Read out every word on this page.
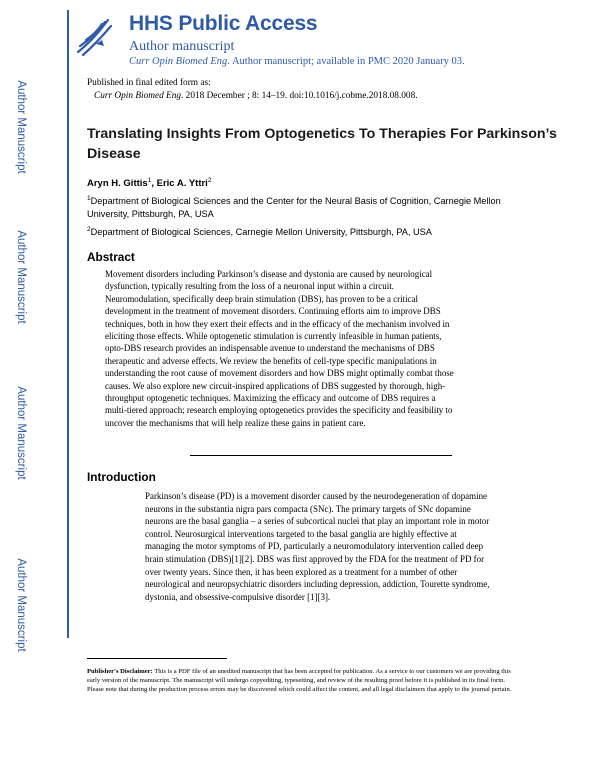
Author Manuscript
Author Manuscript
Author Manuscript
Author Manuscript
HHS Public Access
Author manuscript
Curr Opin Biomed Eng. Author manuscript; available in PMC 2020 January 03.
Published in final edited form as:
Curr Opin Biomed Eng. 2018 December ; 8: 14–19. doi:10.1016/j.cobme.2018.08.008.
Translating Insights From Optogenetics To Therapies For Parkinson’s Disease
Aryn H. Gittis$^1$, Eric A. Yttri$^2$
$^1$Department of Biological Sciences and the Center for the Neural Basis of Cognition, Carnegie Mellon University, Pittsburgh, PA, USA
$^2$Department of Biological Sciences, Carnegie Mellon University, Pittsburgh, PA, USA
Abstract
Movement disorders including Parkinson’s disease and dystonia are caused by neurological dysfunction, typically resulting from the loss of a neuronal input within a circuit. Neuromodulation, specifically deep brain stimulation (DBS), has proven to be a critical development in the treatment of movement disorders. Continuing efforts aim to improve DBS techniques, both in how they exert their effects and in the efficacy of the mechanism involved in eliciting those effects. While optogenetic stimulation is currently infeasible in human patients, opto-DBS research provides an indispensable avenue to understand the mechanisms of DBS therapeutic and adverse effects. We review the benefits of cell-type specific manipulations in understanding the root cause of movement disorders and how DBS might optimally combat those causes. We also explore new circuit-inspired applications of DBS suggested by thorough, high-throughput optogenetic techniques. Maximizing the efficacy and outcome of DBS requires a multi-tiered approach; research employing optogenetics provides the specificity and feasibility to uncover the mechanisms that will help realize these gains in patient care.
Introduction
Parkinson’s disease (PD) is a movement disorder caused by the neurodegeneration of dopamine neurons in the substantia nigra pars compacta (SNc). The primary targets of SNc dopamine neurons are the basal ganglia – a series of subcortical nuclei that play an important role in motor control. Neurosurgical interventions targeted to the basal ganglia are highly effective at managing the motor symptoms of PD, particularly a neuromodulatory intervention called deep brain stimulation (DBS)[1][2]. DBS was first approved by the FDA for the treatment of PD for over twenty years. Since then, it has been explored as a treatment for a number of other neurological and neuropsychiatric disorders including depression, addiction, Tourette syndrome, dystonia, and obsessive-compulsive disorder [1][3].
Publisher's Disclaimer: This is a PDF file of an unedited manuscript that has been accepted for publication. As a service to our customers we are providing this early version of the manuscript. The manuscript will undergo copyediting, typesetting, and review of the resulting proof before it is published in its final form. Please note that during the production process errors may be discovered which could affect the content, and all legal disclaimers that apply to the journal pertain.
